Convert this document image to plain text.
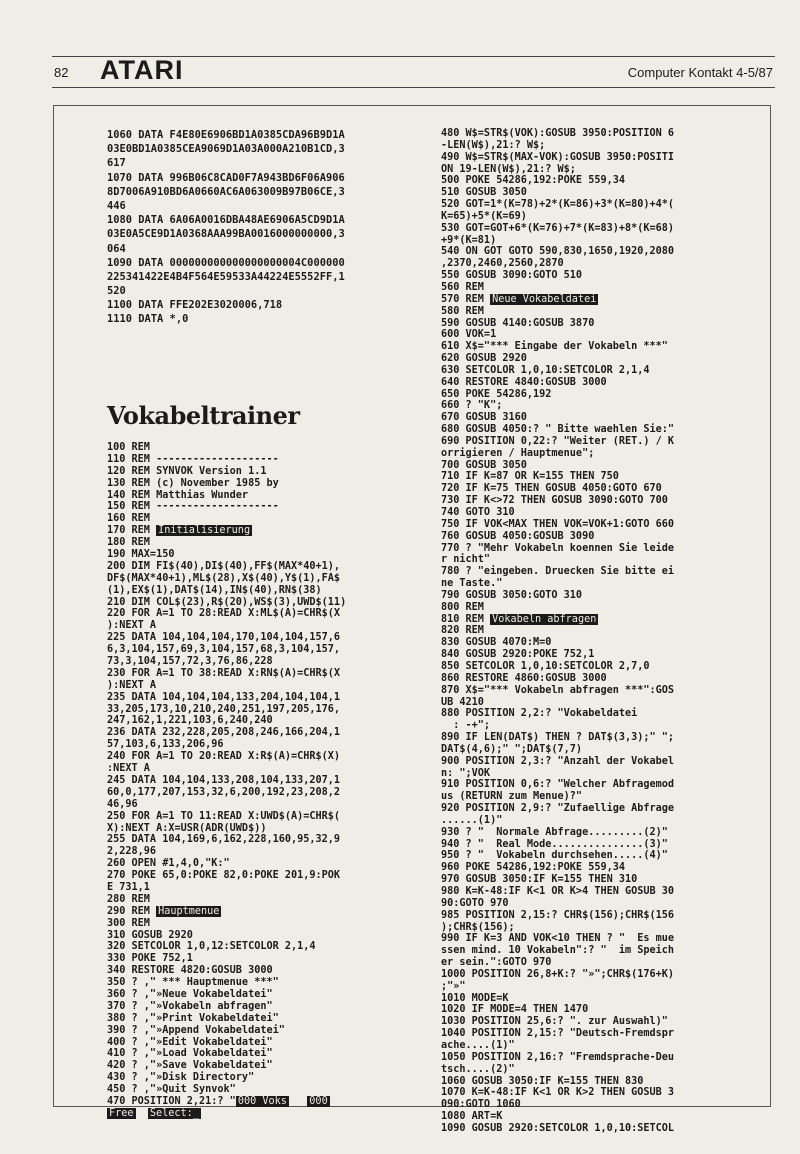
82 ATARI	Computer Kontakt 4-5/87
1060 DATA F4E80E6906BD1A0385CDA96B9D1A
03E0BD1A0385CEA9069D1A03A000A210B1CD,3
617
1070 DATA 996B06C8CAD0F7A943BD6F06A906
8D7006A910BD6A0660AC6A063009B97B06CE,3
446
1080 DATA 6A06A0016DBA48AE6906A5CD9D1A
03E0A5CE9D1A0368AAA99BA0016000000000,3
064
1090 DATA 000000000000000000004C000000
225341422E4B4F564E59533A44224E5552FF,1
520
1100 DATA FFE202E3020006,718
1110 DATA *,0
Vokabeltrainer
100 REM
110 REM --------------------
120 REM SYNVOK Version 1.1
130 REM (c) November 1985 by
140 REM Matthias Wunder
150 REM --------------------
160 REM
170 REM Initialisierung
180 REM
190 MAX=150
200 DIM FI$(40),DI$(40),FF$(MAX*40+1),
DF$(MAX*40+1),ML$(28),X$(40),Y$(1),FA$
(1),EX$(1),DAT$(14),IN$(40),RN$(38)
210 DIM COL$(23),R$(20),WS$(3),UWD$(11)
220 FOR A=1 TO 28:READ X:ML$(A)=CHR$(X
):NEXT A
225 DATA 104,104,104,170,104,104,157,6
6,3,104,157,69,3,104,157,68,3,104,157,
73,3,104,157,72,3,76,86,228
230 FOR A=1 TO 38:READ X:RN$(A)=CHR$(X
):NEXT A
235 DATA 104,104,104,133,204,104,104,1
33,205,173,10,210,240,251,197,205,176,
247,162,1,221,103,6,240,240
236 DATA 232,228,205,208,246,166,204,1
57,103,6,133,206,96
240 FOR A=1 TO 20:READ X:R$(A)=CHR$(X)
:NEXT A
245 DATA 104,104,133,208,104,133,207,1
60,0,177,207,153,32,6,200,192,23,208,2
46,96
250 FOR A=1 TO 11:READ X:UWD$(A)=CHR$(
X):NEXT A:X=USR(ADR(UWD$))
255 DATA 104,169,6,162,228,160,95,32,9
2,228,96
260 OPEN #1,4,0,"K:"
270 POKE 65,0:POKE 82,0:POKE 201,9:POK
E 731,1
280 REM
290 REM Hauptmenue
300 REM
310 GOSUB 2920
320 SETCOLOR 1,0,12:SETCOLOR 2,1,4
330 POKE 752,1
340 RESTORE 4820:GOSUB 3000
350 ? ," *** Hauptmenue ***"
360 ? ,"»Neue Vokabeldatei"
370 ? ,"»Vokabeln abfragen"
380 ? ,"»Print Vokabeldatei"
390 ? ,"»Append Vokabeldatei"
400 ? ,"»Edit Vokabeldatei"
410 ? ,"»Load Vokabeldatei"
420 ? ,"»Save Vokabeldatei"
430 ? ,"»Disk Directory"
450 ? ,"»Quit Synvok"
470 POSITION 2,21:? " 000 Voks 000
Free Select:_
480 W$=STR$(VOK):GOSUB 3950:POSITION 6
-LEN(W$),21:? W$;
490 W$=STR$(MAX-VOK):GOSUB 3950:POSITI
ON 19-LEN(W$),21:? W$;
500 POKE 54286,192:POKE 559,34
510 GOSUB 3050
520 GOT=1*(K=78)+2*(K=86)+3*(K=80)+4*(
K=65)+5*(K=69)
530 GOT=GOT+6*(K=76)+7*(K=83)+8*(K=68)
+9*(K=81)
540 ON GOT GOTO 590,830,1650,1920,2080
,2370,2460,2560,2870
550 GOSUB 3090:GOTO 510
560 REM
570 REM Neue Vokabeldatei
580 REM
590 GOSUB 4140:GOSUB 3870
600 VOK=1
610 X$="*** Eingabe der Vokabeln ***"
620 GOSUB 2920
630 SETCOLOR 1,0,10:SETCOLOR 2,1,4
640 RESTORE 4840:GOSUB 3000
650 POKE 54286,192
660 ? "K";
670 GOSUB 3160
680 GOSUB 4050:? " Bitte waehlen Sie:"
690 POSITION 0,22:? "Weiter (RET.) / K
orrigieren / Hauptmenue";
700 GOSUB 3050
710 IF K=87 OR K=155 THEN 750
720 IF K=75 THEN GOSUB 4050:GOTO 670
730 IF K<>72 THEN GOSUB 3090:GOTO 700
740 GOTO 310
750 IF VOK<MAX THEN VOK=VOK+1:GOTO 660
760 GOSUB 4050:GOSUB 3090
770 ? "Mehr Vokabeln koennen Sie leide
r nicht"
780 ? "eingeben. Druecken Sie bitte ei
ne Taste."
790 GOSUB 3050:GOTO 310
800 REM
810 REM Vokabeln abfragen
820 REM
830 GOSUB 4070:M=0
840 GOSUB 2920:POKE 752,1
850 SETCOLOR 1,0,10:SETCOLOR 2,7,0
860 RESTORE 4860:GOSUB 3000
870 X$="*** Vokabeln abfragen ***":GOS
UB 4210
880 POSITION 2,2:? "Vokabeldatei
: -+";
890 IF LEN(DAT$) THEN ? DAT$(3,3);" ";
DAT$(4,6);" ";DAT$(7,7)
900 POSITION 2,3:? "Anzahl der Vokabel
n: ";VOK
910 POSITION 0,6:? "Welcher Abfragemod
us (RETURN zum Menue)?"
920 POSITION 2,9:? "Zufaellige Abfrage
......(1)"
930 ? "  Normale Abfrage.........(2)"
940 ? "  Real Mode...............(3)"
950 ? "  Vokabeln durchsehen.....(4)"
960 POKE 54286,192:POKE 559,34
970 GOSUB 3050:IF K=155 THEN 310
980 K=K-48:IF K<1 OR K>4 THEN GOSUB 30
90:GOTO 970
985 POSITION 2,15:? CHR$(156);CHR$(156
);CHR$(156);
990 IF K=3 AND VOK<10 THEN ? "  Es mue
ssen mind. 10 Vokabeln":? "  im Speich
er sein.":GOTO 970
1000 POSITION 26,8+K:? "»";CHR$(176+K)
;"»"
1010 MODE=K
1020 IF MODE=4 THEN 1470
1030 POSITION 25,6:? ". zur Auswahl)"
1040 POSITION 2,15:? "Deutsch-Fremdspr
ache....(1)"
1050 POSITION 2,16:? "Fremdsprache-Deu
tsch....(2)"
1060 GOSUB 3050:IF K=155 THEN 830
1070 K=K-48:IF K<1 OR K>2 THEN GOSUB 3
090:GOTO 1060
1080 ART=K
1090 GOSUB 2920:SETCOLOR 1,0,10:SETCOL
